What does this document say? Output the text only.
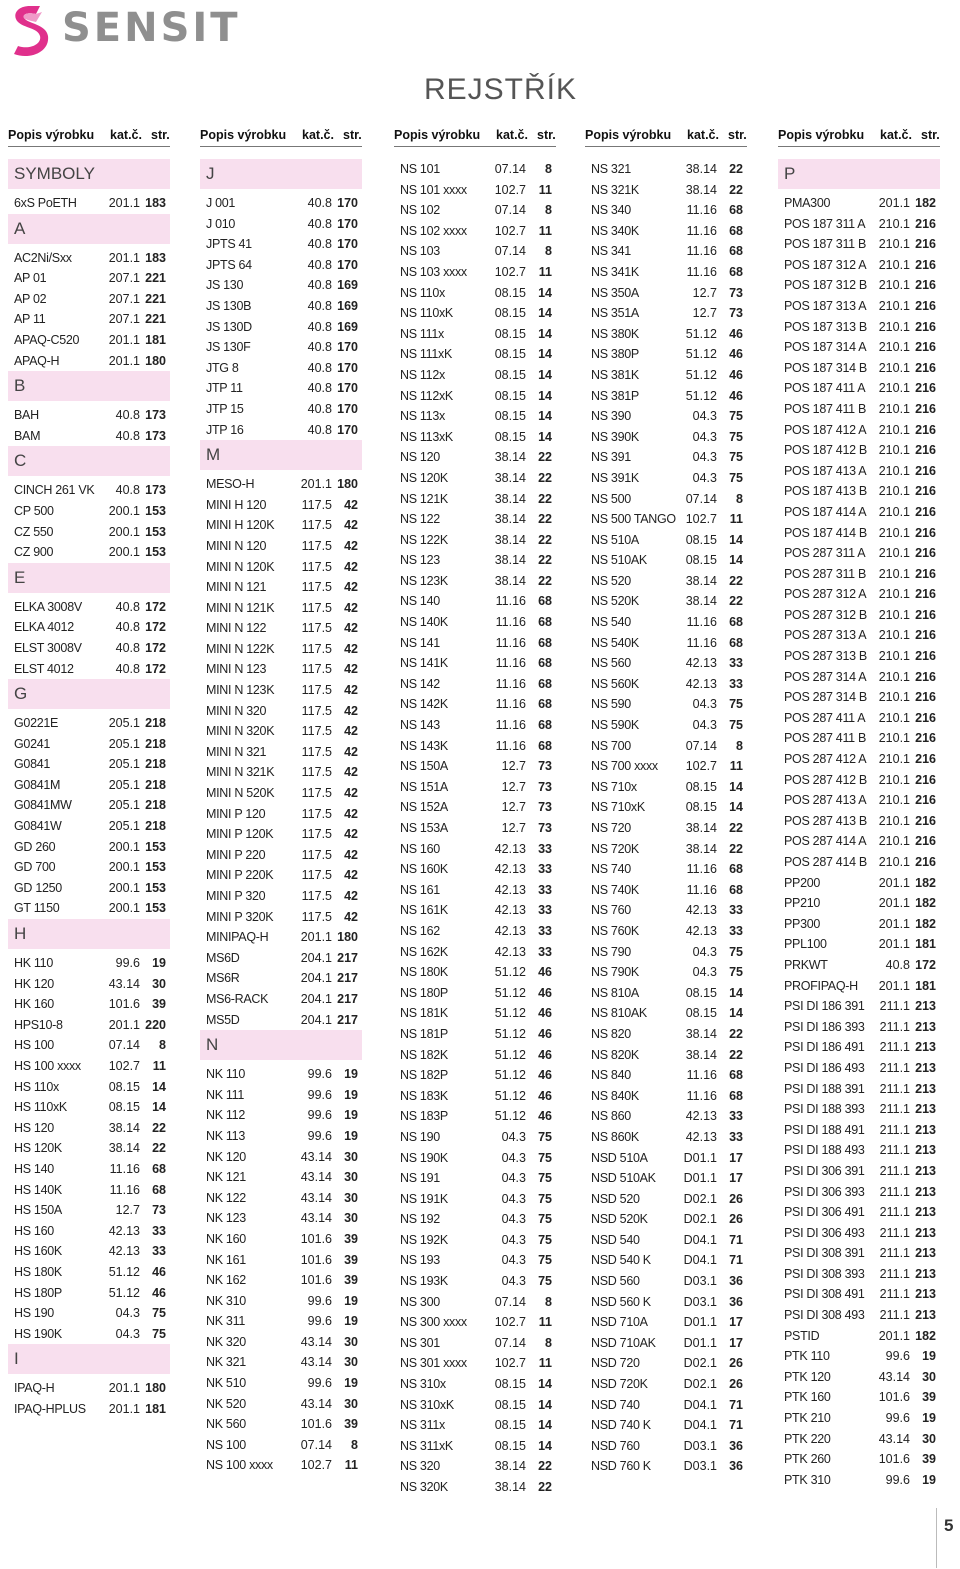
SENSIT
REJSTŘÍK
Popis výrobku kat.č. str.
SYMBOLY
6xS PoETH	201.1 183
A
AC2Ni/Sxx	201.1 183
AP 01	207.1 221
AP 02	207.1 221
AP 11	207.1 221
APAQ-C520 201.1 181
APAQ-H	201.1 180
B
BAH	40.8 173
BAM	40.8 173
C
CINCH 261 VK 40.8 173
CP 500	200.1 153
CZ 550	200.1 153
CZ 900	200.1 153
E
ELKA 3008V	40.8 172
ELKA 4012	40.8 172
ELST 3008V	40.8 172
ELST 4012	40.8 172
G
G0221E	205.1 218
G0241	205.1 218
G0841	205.1 218
G0841M	205.1 218
G0841MW	205.1 218
G0841W	205.1 218
GD 260	200.1 153
GD 700	200.1 153
GD 1250	200.1 153
GT 1150	200.1 153
H
HK 110	99.6 19
HK 120	43.14 30
HK 160	101.6 39
HPS10-8	201.1 220
HS 100	07.14 8
HS 100 xxxx 102.7 11
HS 110x	08.15 14
HS 110xK	08.15 14
HS 120	38.14 22
HS 120K	38.14 22
HS 140	11.16 68
HS 140K	11.16 68
HS 150A	12.7 73
HS 160	42.13 33
HS 160K	42.13 33
HS 180K	51.12 46
HS 180P	51.12 46
HS 190	04.3 75
HS 190K	04.3 75
I
IPAQ-H	201.1 180
IPAQ-HPLUS 201.1 181
Popis výrobku kat.č. str.
J
J 001	40.8 170
J 010	40.8 170
JPTS 41	40.8 170
JPTS 64	40.8 170
JS 130	40.8 169
JS 130B	40.8 169
JS 130D	40.8 169
JS 130F	40.8 170
JTG 8	40.8 170
JTP 11	40.8 170
JTP 15	40.8 170
JTP 16	40.8 170
M
MESO-H	201.1 180
MINI H 120	117.5 42
MINI H 120K 117.5 42
MINI N 120	117.5 42
MINI N 120K 117.5 42
MINI N 121	117.5 42
MINI N 121K 117.5 42
MINI N 122	117.5 42
MINI N 122K 117.5 42
MINI N 123	117.5 42
MINI N 123K 117.5 42
MINI N 320	117.5 42
MINI N 320K 117.5 42
MINI N 321	117.5 42
MINI N 321K 117.5 42
MINI N 520K 117.5 42
MINI P 120	117.5 42
MINI P 120K 117.5 42
MINI P 220	117.5 42
MINI P 220K 117.5 42
MINI P 320	117.5 42
MINI P 320K 117.5 42
MINIPAQ-H	201.1 180
MS6D	204.1 217
MS6R	204.1 217
MS6-RACK	204.1 217
MS5D	204.1 217
N
NK 110	99.6 19
NK 111	99.6 19
NK 112	99.6 19
NK 113	99.6 19
NK 120	43.14 30
NK 121	43.14 30
NK 122	43.14 30
NK 123	43.14 30
NK 160	101.6 39
NK 161	101.6 39
NK 162	101.6 39
NK 310	99.6 19
NK 311	99.6 19
NK 320	43.14 30
NK 321	43.14 30
NK 510	99.6 19
NK 520	43.14 30
NK 560	101.6 39
NS 100	07.14 8
NS 100 xxxx 102.7 11
Popis výrobku kat.č. str.
NS 101	07.14 8
NS 101 xxxx 102.7 11
NS 102	07.14 8
NS 102 xxxx 102.7 11
NS 103	07.14 8
NS 103 xxxx 102.7 11
NS 110x	08.15 14
NS 110xK	08.15 14
NS 111x	08.15 14
NS 111xK	08.15 14
NS 112x	08.15 14
NS 112xK	08.15 14
NS 113x	08.15 14
NS 113xK	08.15 14
NS 120	38.14 22
NS 120K	38.14 22
NS 121K	38.14 22
NS 122	38.14 22
NS 122K	38.14 22
NS 123	38.14 22
NS 123K	38.14 22
NS 140	11.16 68
NS 140K	11.16 68
NS 141	11.16 68
NS 141K	11.16 68
NS 142	11.16 68
NS 142K	11.16 68
NS 143	11.16 68
NS 143K	11.16 68
NS 150A	12.7 73
NS 151A	12.7 73
NS 152A	12.7 73
NS 153A	12.7 73
NS 160	42.13 33
NS 160K	42.13 33
NS 161	42.13 33
NS 161K	42.13 33
NS 162	42.13 33
NS 162K	42.13 33
NS 180K	51.12 46
NS 180P	51.12 46
NS 181K	51.12 46
NS 181P	51.12 46
NS 182K	51.12 46
NS 182P	51.12 46
NS 183K	51.12 46
NS 183P	51.12 46
NS 190	04.3 75
NS 190K	04.3 75
NS 191	04.3 75
NS 191K	04.3 75
NS 192	04.3 75
NS 192K	04.3 75
NS 193	04.3 75
NS 193K	04.3 75
NS 300	07.14 8
NS 300 xxxx 102.7 11
NS 301	07.14 8
NS 301 xxxx 102.7 11
NS 310x	08.15 14
NS 310xK	08.15 14
NS 311x	08.15 14
NS 311xK	08.15 14
NS 320	38.14 22
NS 320K	38.14 22
Popis výrobku kat.č. str.
NS 321	38.14 22
NS 321K	38.14 22
NS 340	11.16 68
NS 340K	11.16 68
NS 341	11.16 68
NS 341K	11.16 68
NS 350A	12.7 73
NS 351A	12.7 73
NS 380K	51.12 46
NS 380P	51.12 46
NS 381K	51.12 46
NS 381P	51.12 46
NS 390	04.3 75
NS 390K	04.3 75
NS 391	04.3 75
NS 391K	04.3 75
NS 500	07.14 8
NS 500 TANGO 102.7 11
NS 510A	08.15 14
NS 510AK	08.15 14
NS 520	38.14 22
NS 520K	38.14 22
NS 540	11.16 68
NS 540K	11.16 68
NS 560	42.13 33
NS 560K	42.13 33
NS 590	04.3 75
NS 590K	04.3 75
NS 700	07.14 8
NS 700 xxxx 102.7 11
NS 710x	08.15 14
NS 710xK	08.15 14
NS 720	38.14 22
NS 720K	38.14 22
NS 740	11.16 68
NS 740K	11.16 68
NS 760	42.13 33
NS 760K	42.13 33
NS 790	04.3 75
NS 790K	04.3 75
NS 810A	08.15 14
NS 810AK	08.15 14
NS 820	38.14 22
NS 820K	38.14 22
NS 840	11.16 68
NS 840K	11.16 68
NS 860	42.13 33
NS 860K	42.13 33
NSD 510A	D01.1 17
NSD 510AK D01.1 17
NSD 520	D02.1 26
NSD 520K	D02.1 26
NSD 540	D04.1 71
NSD 540 K	D04.1 71
NSD 560	D03.1 36
NSD 560 K	D03.1 36
NSD 710A	D01.1 17
NSD 710AK D01.1 17
NSD 720	D02.1 26
NSD 720K	D02.1 26
NSD 740	D04.1 71
NSD 740 K	D04.1 71
NSD 760	D03.1 36
NSD 760 K	D03.1 36
Popis výrobku kat.č. str.
P
PMA300	201.1 182
POS 187 311 A 210.1 216
POS 187 311 B 210.1 216
POS 187 312 A 210.1 216
POS 187 312 B 210.1 216
POS 187 313 A 210.1 216
POS 187 313 B 210.1 216
POS 187 314 A 210.1 216
POS 187 314 B 210.1 216
POS 187 411 A 210.1 216
POS 187 411 B 210.1 216
POS 187 412 A 210.1 216
POS 187 412 B 210.1 216
POS 187 413 A 210.1 216
POS 187 413 B 210.1 216
POS 187 414 A 210.1 216
POS 187 414 B 210.1 216
POS 287 311 A 210.1 216
POS 287 311 B 210.1 216
POS 287 312 A 210.1 216
POS 287 312 B 210.1 216
POS 287 313 A 210.1 216
POS 287 313 B 210.1 216
POS 287 314 A 210.1 216
POS 287 314 B 210.1 216
POS 287 411 A 210.1 216
POS 287 411 B 210.1 216
POS 287 412 A 210.1 216
POS 287 412 B 210.1 216
POS 287 413 A 210.1 216
POS 287 413 B 210.1 216
POS 287 414 A 210.1 216
POS 287 414 B 210.1 216
PP200	201.1 182
PP210	201.1 182
PP300	201.1 182
PPL100	201.1 181
PRKWT	40.8 172
PROFIPAQ-H 201.1 181
PSI DI 186 391 211.1 213
PSI DI 186 393 211.1 213
PSI DI 186 491 211.1 213
PSI DI 186 493 211.1 213
PSI DI 188 391 211.1 213
PSI DI 188 393 211.1 213
PSI DI 188 491 211.1 213
PSI DI 188 493 211.1 213
PSI DI 306 391 211.1 213
PSI DI 306 393 211.1 213
PSI DI 306 491 211.1 213
PSI DI 306 493 211.1 213
PSI DI 308 391 211.1 213
PSI DI 308 393 211.1 213
PSI DI 308 491 211.1 213
PSI DI 308 493 211.1 213
PSTID	201.1 182
PTK 110	99.6 19
PTK 120	43.14 30
PTK 160	101.6 39
PTK 210	99.6 19
PTK 220	43.14 30
PTK 260	101.6 39
PTK 310	99.6 19
5
